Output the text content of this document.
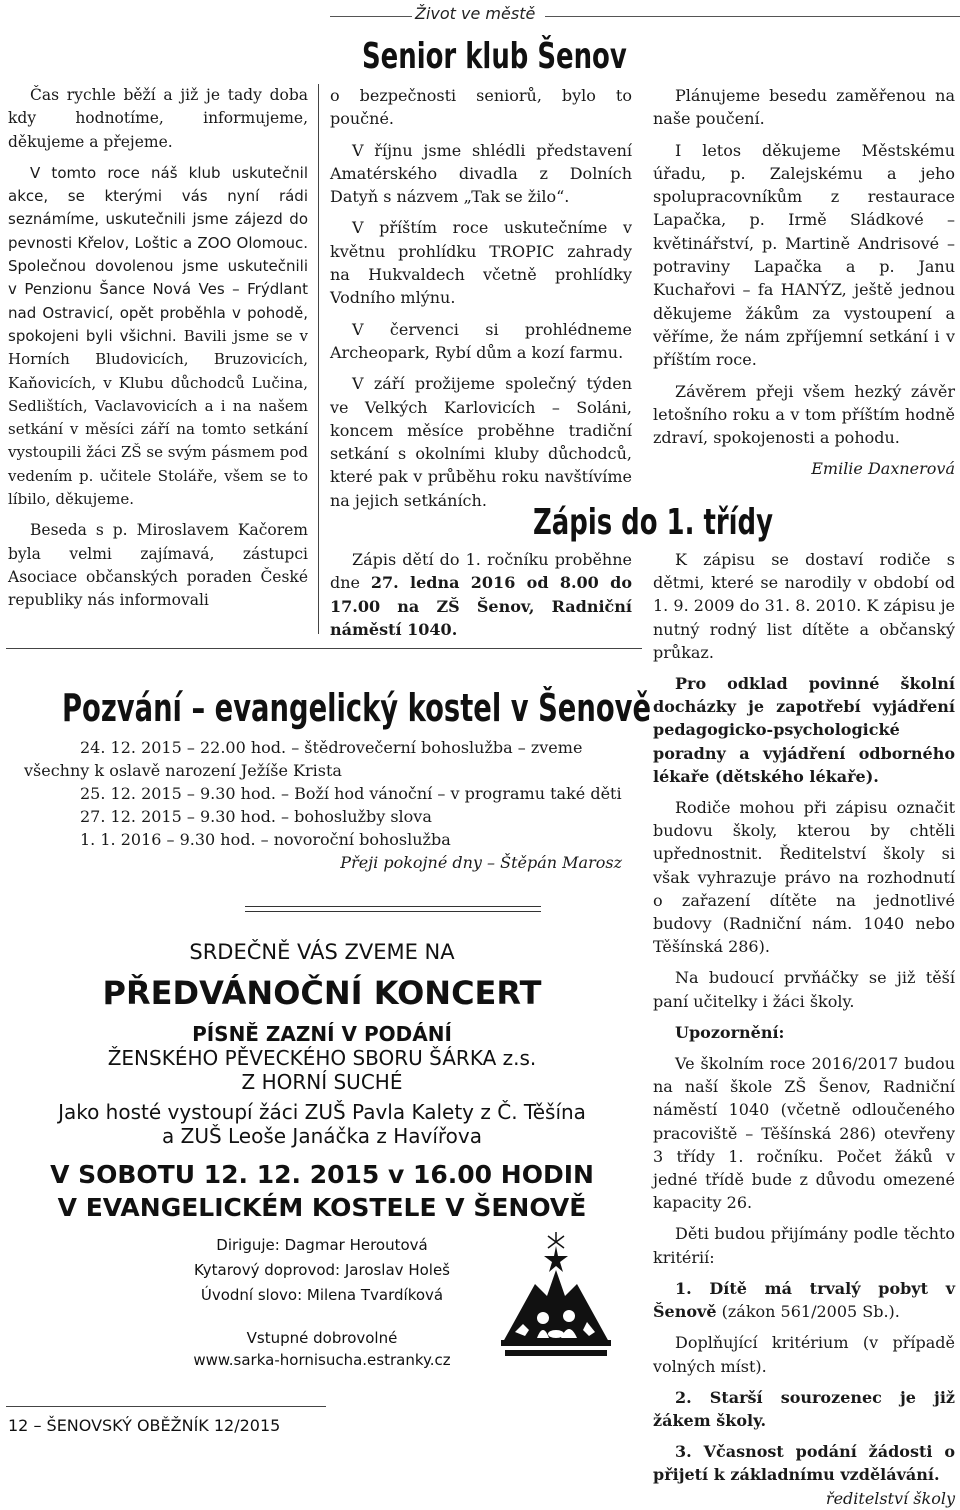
Život ve městě
Senior klub Šenov

Čas rychle běží a již je tady doba kdy hodnotíme, informujeme, děkujeme a přejeme.

V tomto roce náš klub uskutečnil akce, se kterými vás nyní rádi seznámíme, uskutečnili jsme zájezd do pevnosti Křelov, Loštic a ZOO Olomouc. Společnou dovolenou jsme uskutečnili v Penzionu Šance Nová Ves – Frýdlant nad Ostravicí, opět proběhla v pohodě, spokojeni byli všichni. Bavili jsme se v Horních Bludovicích, Bruzovicích, Kaňovicích, v Klubu důchodců Lučina, Sedlištích, Vaclavovicích a i na našem setkání v měsíci září na tomto setkání vystoupili žáci ZŠ se svým pásmem pod vedením p. učitele Stoláře, všem se to líbilo, děkujeme.

Beseda s p. Miroslavem Kačorem byla velmi zajímavá, zástupci Asociace občanských poraden České republiky nás informovali

o bezpečnosti seniorů, bylo to poučné.

V říjnu jsme shlédli představení Amatérského divadla z Dolních Datyň s názvem „Tak se žilo“.

V příštím roce uskutečníme v květnu prohlídku TROPIC zahrady na Hukvaldech včetně prohlídky Vodního mlýnu.

V červenci si prohlédneme Archeopark, Rybí dům a kozí farmu.

V září prožijeme společný týden ve Velkých Karlovicích – Soláni, koncem měsíce proběhne tradiční setkání s okolními kluby důchodců, které pak v průběhu roku navštívíme na jejich setkáních.

Plánujeme besedu zaměřenou na naše poučení.

I letos děkujeme Městskému úřadu, p. Zalejskému a jeho spolupracovníkům z restaurace Lapačka, p. Irmě Sládkové – květinářství, p. Martině Andrisové – potraviny Lapačka a p. Janu Kuchařovi – fa HANÝZ, ještě jednou děkujeme žákům za vystoupení a věříme, že nám zpříjemní setkání i v příštím roce.

Závěrem přeji všem hezký závěr letošního roku a v tom příštím hodně zdraví, spokojenosti a pohodu.

Emilie Daxnerová

Zápis do 1. třídy

Zápis dětí do 1. ročníku proběhne dne 27. ledna 2016 od 8.00 do 17.00 na ZŠ Šenov, Radniční náměstí 1040.

K zápisu se dostaví rodiče s dětmi, které se narodily v období od 1. 9. 2009 do 31. 8. 2010. K zápisu je nutný rodný list dítěte a občanský průkaz.

Pro odklad povinné školní docházky je zapotřebí vyjádření pedagogicko-psychologické poradny a vyjádření odborného lékaře (dětského lékaře).

Rodiče mohou při zápisu označit budovu školy, kterou by chtěli upřednostnit. Ředitelství školy si však vyhrazuje právo na rozhodnutí o zařazení dítěte na jednotlivé budovy (Radniční nám. 1040 nebo Těšínská 286).

Na budoucí prvňáčky se již těší paní učitelky i žáci školy.

Upozornění:

Ve školním roce 2016/2017 budou na naší škole ZŠ Šenov, Radniční náměstí 1040 (včetně odloučeného pracoviště – Těšínská 286) otevřeny 3 třídy 1. ročníku. Počet žáků v jedné třídě bude z důvodu omezené kapacity 26.

Děti budou přijímány podle těchto kritérií:

1. Dítě má trvalý pobyt v Šenově (zákon 561/2005 Sb.).

Doplňující kritérium (v případě volných míst).

2. Starší sourozenec je již žákem školy.

3. Včasnost podání žádosti o přijetí k základnímu vzdělávání.
ředitelství školy

Pozvání – evangelický kostel v Šenově
24. 12. 2015 – 22.00 hod. – štědrovečerní bohoslužba – zveme všechny k oslavě narození Ježíše Krista
25. 12. 2015 – 9.30 hod. – Boží hod vánoční – v programu také děti
27. 12. 2015 – 9.30 hod. – bohoslužby slova
1. 1. 2016 – 9.30 hod. – novoroční bohoslužba
Přeji pokojné dny – Štěpán Marosz
SRDEČNĚ VÁS ZVEME NA
PŘEDVÁNOČNÍ KONCERT
PÍSNĚ ZAZNÍ V PODÁNÍ
ŽENSKÉHO PĚVECKÉHO SBORU ŠÁRKA z.s.
Z HORNÍ SUCHÉ
Jako hosté vystoupí žáci ZUŠ Pavla Kalety z Č. Těšína
a ZUŠ Leoše Janáčka z Havířova
V SOBOTU 12. 12. 2015 v 16.00 HODIN
V EVANGELICKÉM KOSTELE V ŠENOVĚ
Diriguje: Dagmar Heroutová
Kytarový doprovod: Jaroslav Holeš
Úvodní slovo: Milena Tvardíková
Vstupné dobrovolné
www.sarka-hornisucha.estranky.cz
12 – ŠENOVSKÝ OBĚŽNÍK 12/2015
